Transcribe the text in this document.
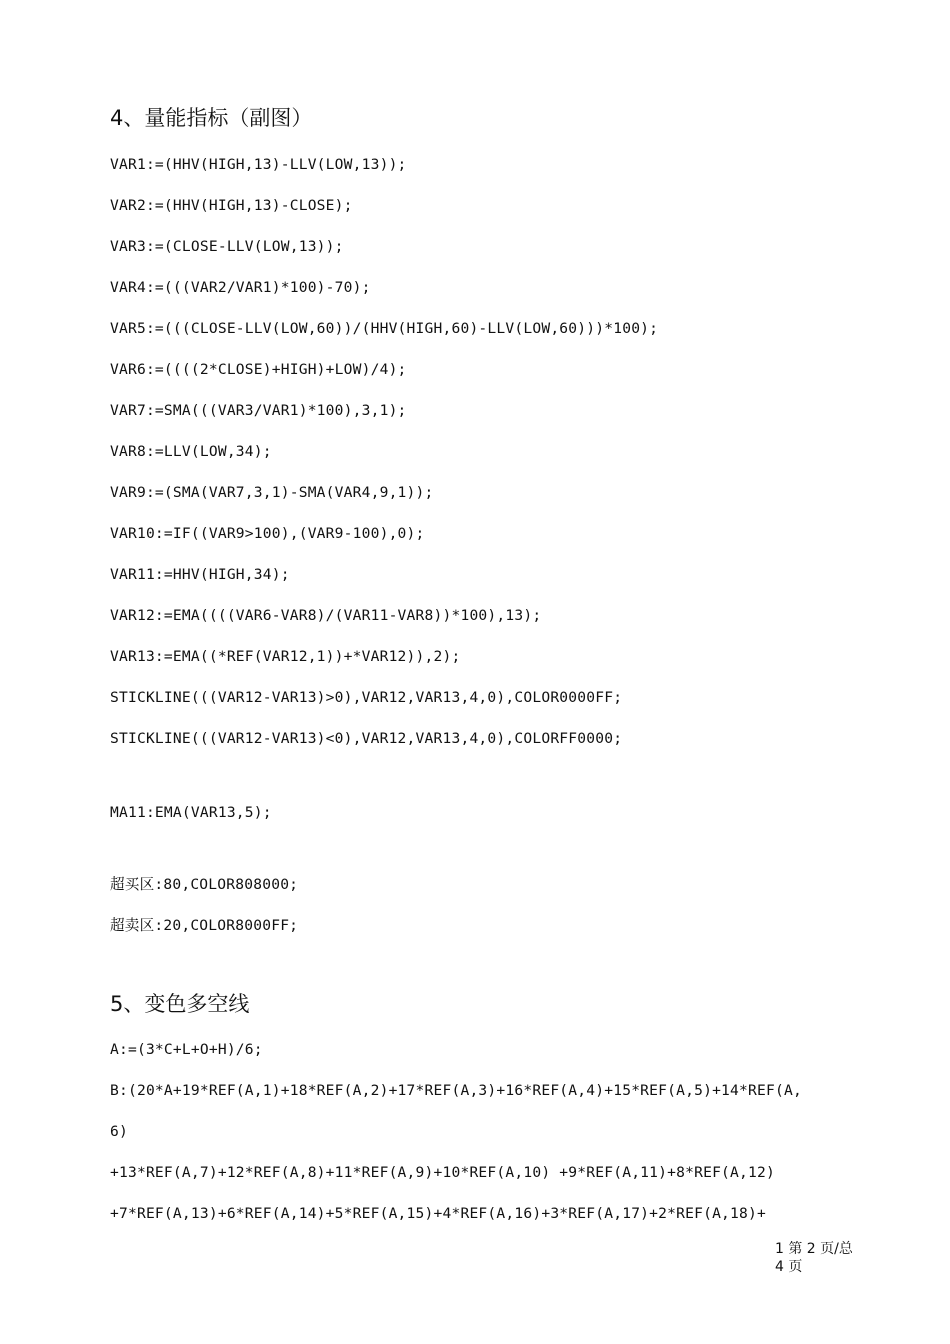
4、量能指标（副图）
VAR1:=(HHV(HIGH,13)-LLV(LOW,13));
VAR2:=(HHV(HIGH,13)-CLOSE);
VAR3:=(CLOSE-LLV(LOW,13));
VAR4:=(((VAR2/VAR1)*100)-70);
VAR5:=(((CLOSE-LLV(LOW,60))/(HHV(HIGH,60)-LLV(LOW,60)))*100);
VAR6:=((((2*CLOSE)+HIGH)+LOW)/4);
VAR7:=SMA(((VAR3/VAR1)*100),3,1);
VAR8:=LLV(LOW,34);
VAR9:=(SMA(VAR7,3,1)-SMA(VAR4,9,1));
VAR10:=IF((VAR9>100),(VAR9-100),0);
VAR11:=HHV(HIGH,34);
VAR12:=EMA((((VAR6-VAR8)/(VAR11-VAR8))*100),13);
VAR13:=EMA((*REF(VAR12,1))+*VAR12)),2);
STICKLINE(((VAR12-VAR13)>0),VAR12,VAR13,4,0),COLOR0000FF;
STICKLINE(((VAR12-VAR13)<0),VAR12,VAR13,4,0),COLORFF0000;
MA11:EMA(VAR13,5);
超买区:80,COLOR808000;
超卖区:20,COLOR8000FF;
5、变色多空线
A:=(3*C+L+O+H)/6;
B:(20*A+19*REF(A,1)+18*REF(A,2)+17*REF(A,3)+16*REF(A,4)+15*REF(A,5)+14*REF(A,
6)
+13*REF(A,7)+12*REF(A,8)+11*REF(A,9)+10*REF(A,10) +9*REF(A,11)+8*REF(A,12)
+7*REF(A,13)+6*REF(A,14)+5*REF(A,15)+4*REF(A,16)+3*REF(A,17)+2*REF(A,18)+
1 第 2 页/总
4 页
